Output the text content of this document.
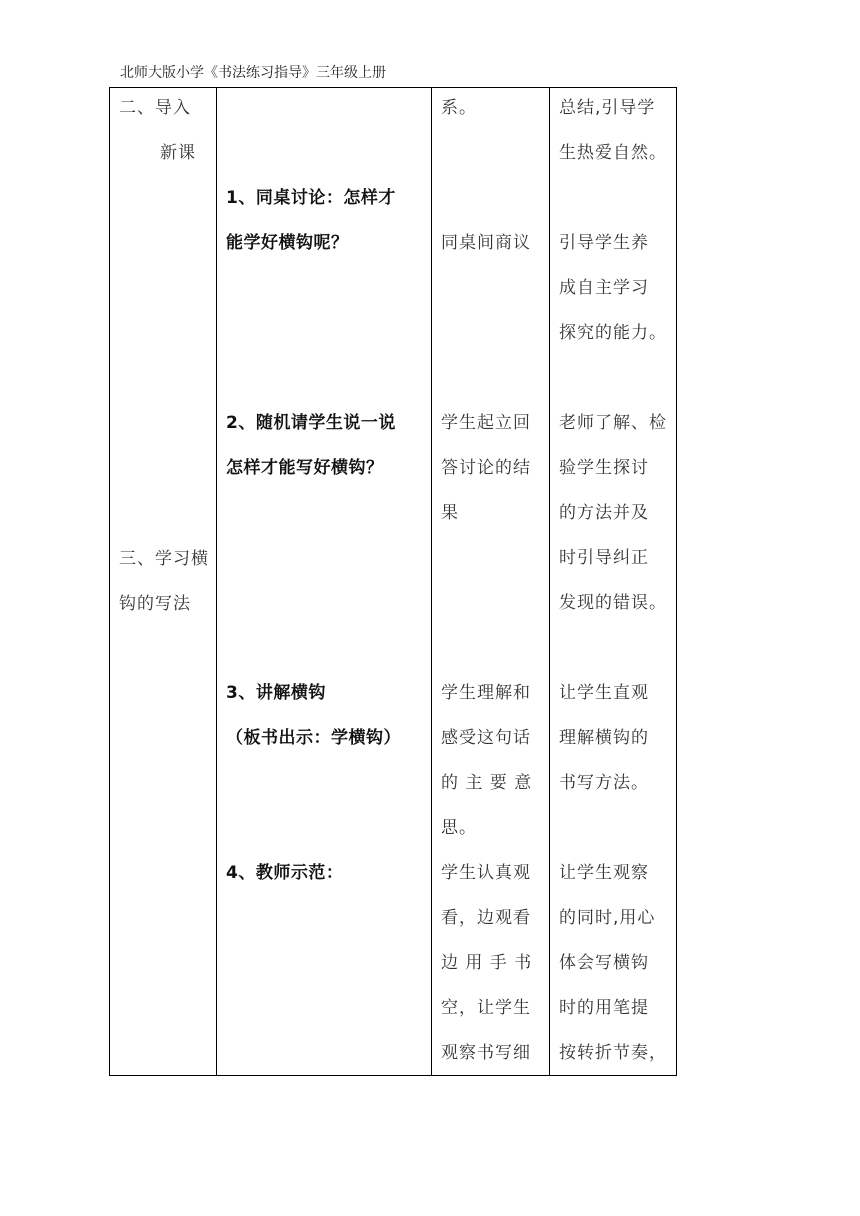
北师大版小学《书法练习指导》三年级上册
二、导入
新课
三、学习横
钩的写法
1、同桌讨论：怎样才
能学好横钩呢？
2、随机请学生说一说
怎样才能写好横钩？
3、讲解横钩
（板书出示：学横钩）
4、教师示范：
系。
同桌间商议
学生起立回
答讨论的结
果
学生理解和
感受这句话
的 主 要 意
思。
学生认真观
看，边观看
边 用 手 书
空，让学生
观察书写细
总结,引导学
生热爱自然。
引导学生养
成自主学习
探究的能力。
老师了解、检
验学生探讨
的方法并及
时引导纠正
发现的错误。
让学生直观
理解横钩的
书写方法。
让学生观察
的同时,用心
体会写横钩
时的用笔提
按转折节奏，
